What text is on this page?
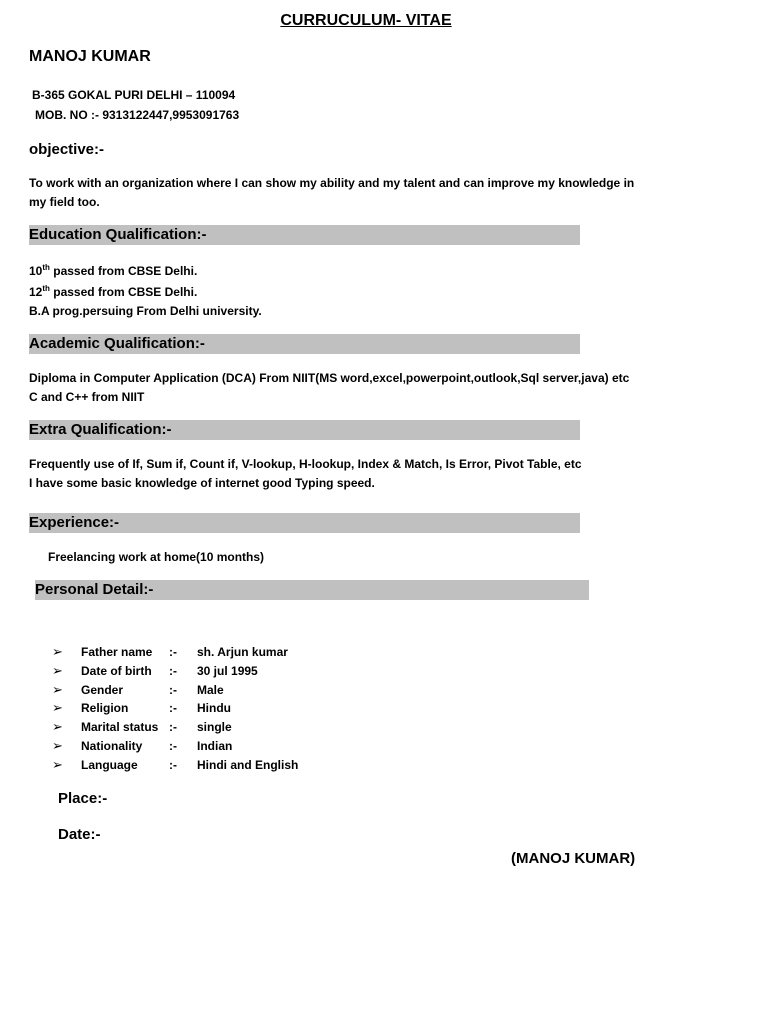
CURRUCULUM- VITAE
MANOJ KUMAR
B-365 GOKAL PURI DELHI – 110094
MOB. NO :- 9313122447,9953091763
objective:-
To work with an organization where I can show my ability and my talent and can improve my knowledge in
my field too.
Education Qualification:-
10th passed from CBSE Delhi.
12th passed from CBSE Delhi.
B.A prog.persuing From Delhi university.
Academic Qualification:-
Diploma in Computer Application (DCA) From NIIT(MS word,excel,powerpoint,outlook,Sql server,java) etc
C and C++ from NIIT
Extra Qualification:-
Frequently use of If, Sum if, Count if, V-lookup, H-lookup, Index & Match, Is Error, Pivot Table, etc
I have some basic knowledge of internet good Typing speed.
Experience:-
Freelancing work at home(10 months)
Personal Detail:-
➢ Father name :- sh. Arjun kumar
➢ Date of birth :- 30 jul 1995
➢ Gender	:- Male
➢ Religion	:- Hindu
➢ Marital status :- single
➢ Nationality :- Indian
➢ Language	:- Hindi and English
Place:-
Date:-
(MANOJ KUMAR)
